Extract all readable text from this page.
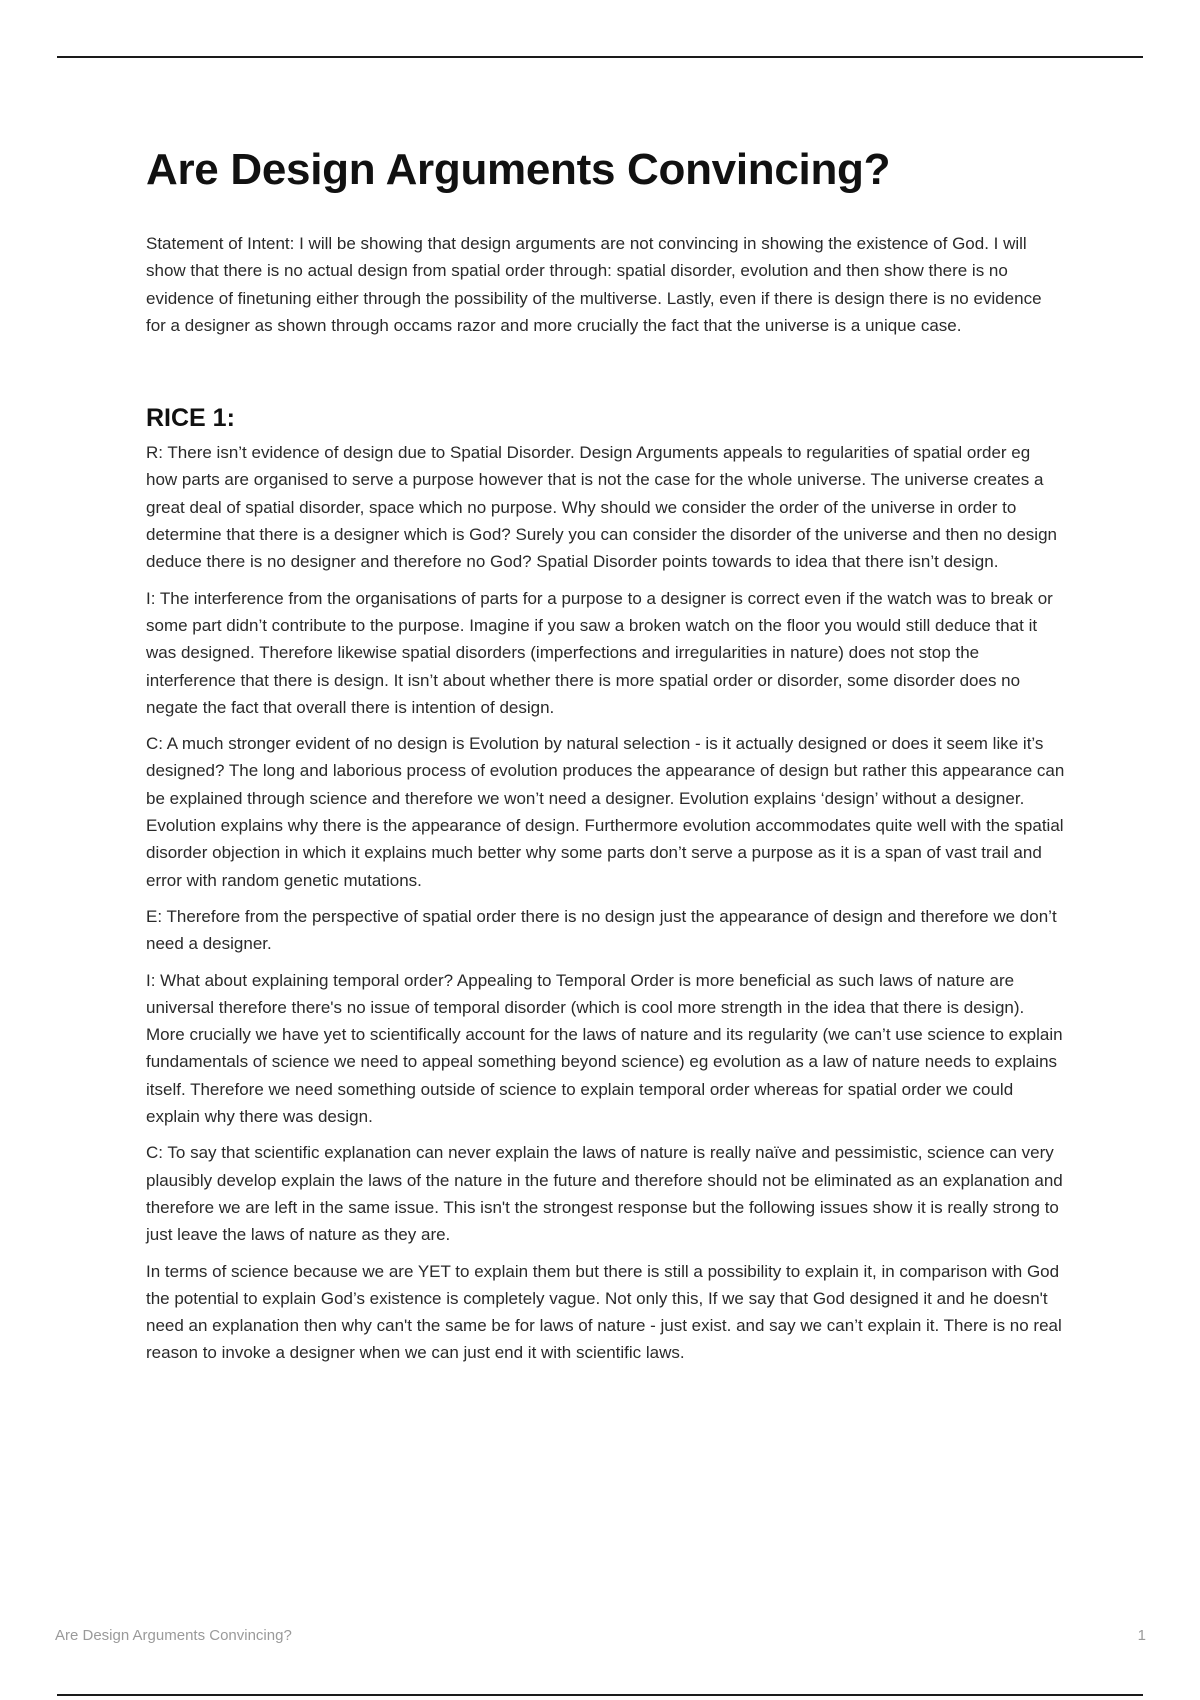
Are Design Arguments Convincing?

Statement of Intent: I will be showing that design arguments are not convincing in showing the existence of God. I will show that there is no actual design from spatial order through: spatial disorder, evolution and then show there is no evidence of finetuning either through the possibility of the multiverse. Lastly, even if there is design there is no evidence for a designer as shown through occams razor and more crucially the fact that the universe is a unique case.

RICE 1:

R: There isn’t evidence of design due to Spatial Disorder. Design Arguments appeals to regularities of spatial order eg how parts are organised to serve a purpose however that is not the case for the whole universe. The universe creates a great deal of spatial disorder, space which no purpose. Why should we consider the order of the universe in order to determine that there is a designer which is God? Surely you can consider the disorder of the universe and then no design deduce there is no designer and therefore no God? Spatial Disorder points towards to idea that there isn’t design.

I: The interference from the organisations of parts for a purpose to a designer is correct even if the watch was to break or some part didn’t contribute to the purpose. Imagine if you saw a broken watch on the floor you would still deduce that it was designed. Therefore likewise spatial disorders (imperfections and irregularities in nature) does not stop the interference that there is design. It isn’t about whether there is more spatial order or disorder, some disorder does no negate the fact that overall there is intention of design.

C: A much stronger evident of no design is Evolution by natural selection - is it actually designed or does it seem like it’s designed? The long and laborious process of evolution produces the appearance of design but rather this appearance can be explained through science and therefore we won’t need a designer. Evolution explains ‘design’ without a designer. Evolution explains why there is the appearance of design. Furthermore evolution accommodates quite well with the spatial disorder objection in which it explains much better why some parts don’t serve a purpose as it is a span of vast trail and error with random genetic mutations.

E: Therefore from the perspective of spatial order there is no design just the appearance of design and therefore we don’t need a designer.

I: What about explaining temporal order? Appealing to Temporal Order is more beneficial as such laws of nature are universal therefore there's no issue of temporal disorder (which is cool more strength in the idea that there is design). More crucially we have yet to scientifically account for the laws of nature and its regularity (we can’t use science to explain fundamentals of science we need to appeal something beyond science) eg evolution as a law of nature needs to explains itself. Therefore we need something outside of science to explain temporal order whereas for spatial order we could explain why there was design.

C: To say that scientific explanation can never explain the laws of nature is really naïve and pessimistic, science can very plausibly develop explain the laws of the nature in the future and therefore should not be eliminated as an explanation and therefore we are left in the same issue. This isn't the strongest response but the following issues show it is really strong to just leave the laws of nature as they are.

In terms of science because we are YET to explain them but there is still a possibility to explain it, in comparison with God the potential to explain God’s existence is completely vague. Not only this, If we say that God designed it and he doesn't need an explanation then why can't the same be for laws of nature - just exist. and say we can’t explain it. There is no real reason to invoke a designer when we can just end it with scientific laws.

Are Design Arguments Convincing?	1
